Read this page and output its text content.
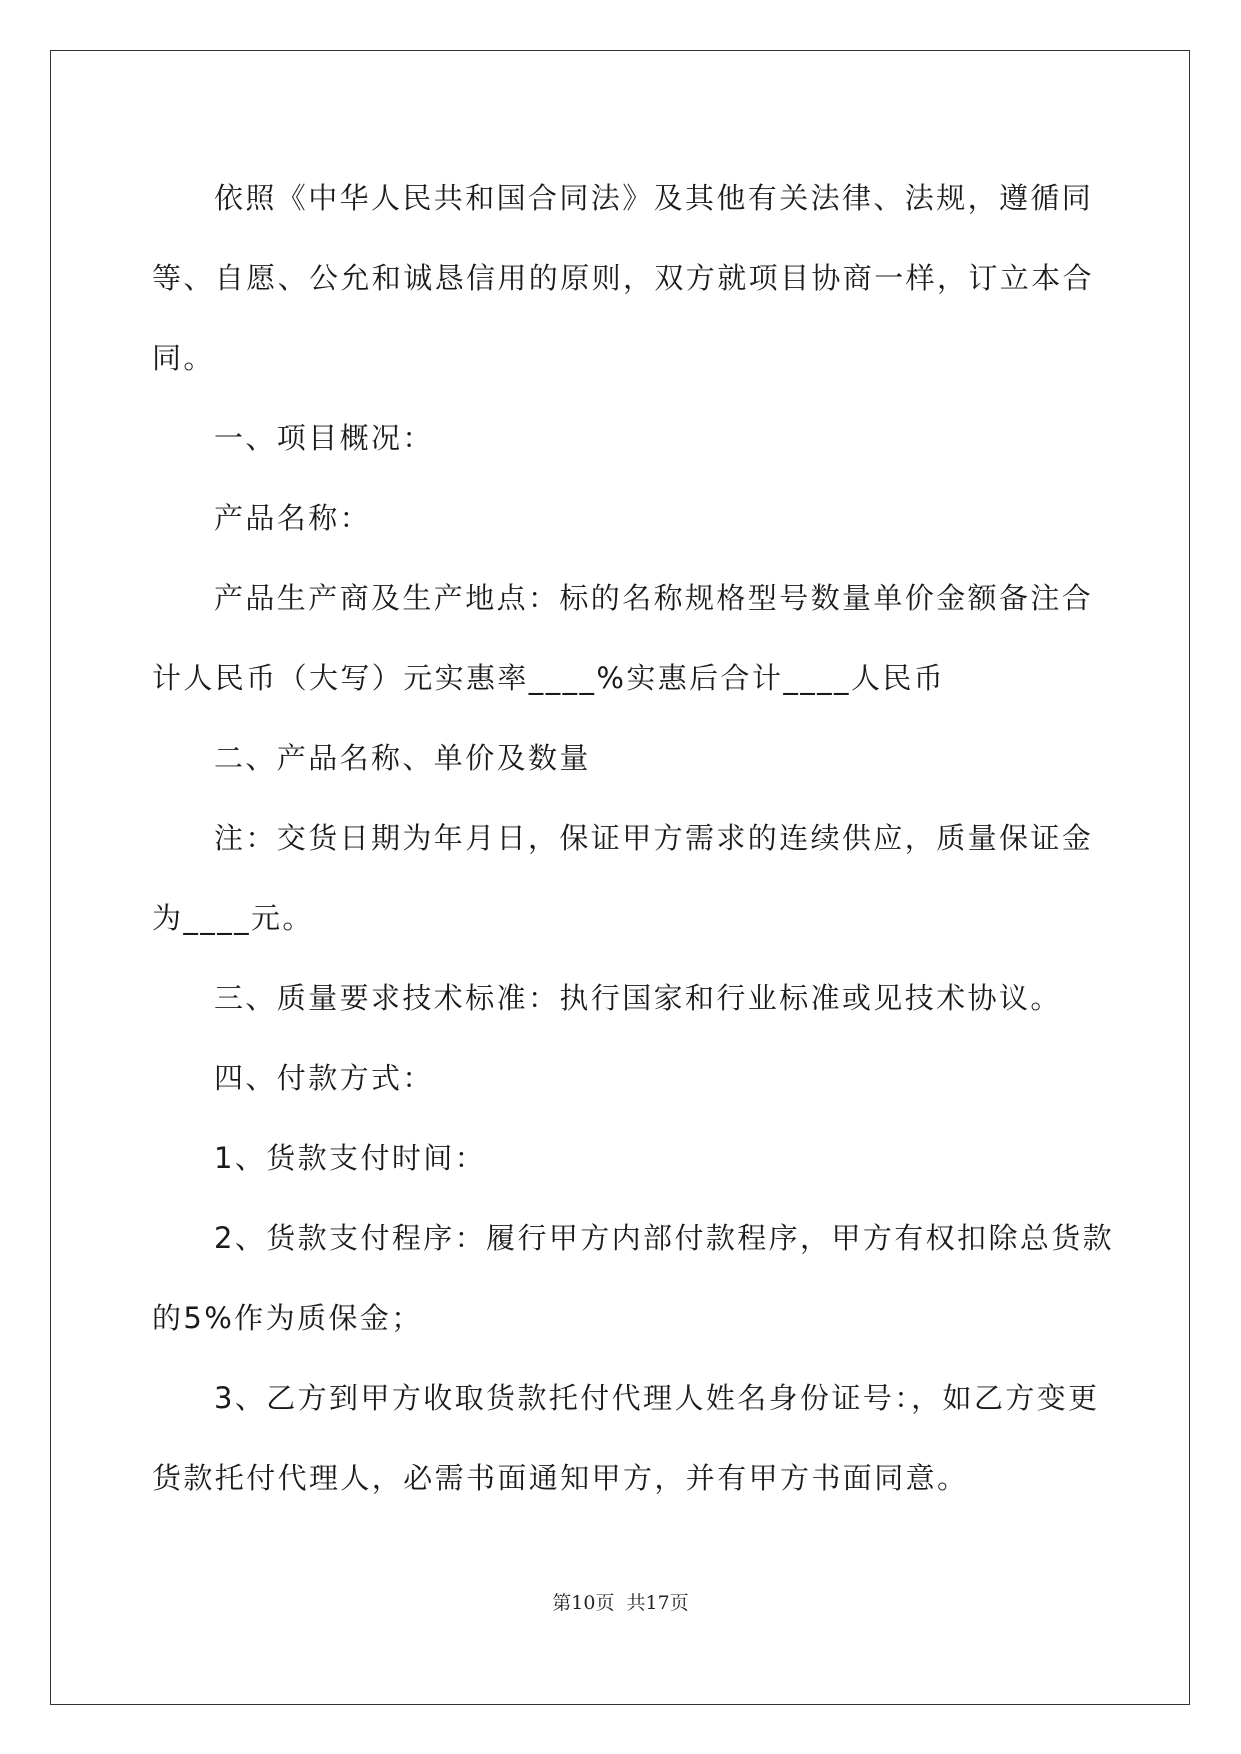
依照《中华人民共和国合同法》及其他有关法律、法规，遵循同
等、自愿、公允和诚恳信用的原则，双方就项目协商一样，订立本合
同。
一、项目概况：
产品名称：
产品生产商及生产地点：标的名称规格型号数量单价金额备注合
计人民币（大写）元实惠率____%实惠后合计____人民币
二、产品名称、单价及数量
注：交货日期为年月日，保证甲方需求的连续供应，质量保证金
为____元。
三、质量要求技术标准：执行国家和行业标准或见技术协议。
四、付款方式：
1、货款支付时间：
2、货款支付程序：履行甲方内部付款程序，甲方有权扣除总货款
的5%作为质保金；
3、乙方到甲方收取货款托付代理人姓名身份证号：，如乙方变更
货款托付代理人，必需书面通知甲方，并有甲方书面同意。
第10页  共17页
